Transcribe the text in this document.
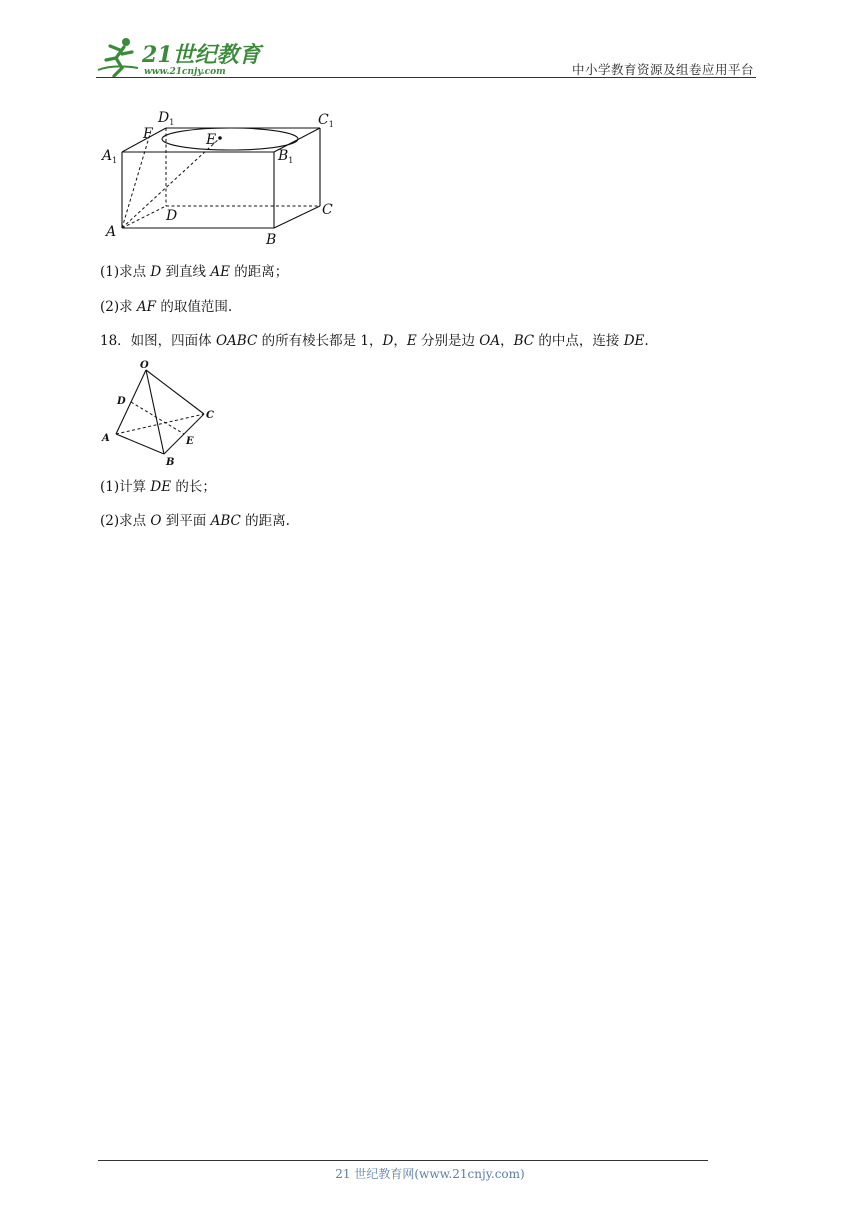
21世纪教育
www.21cnjy.com	中小学教育资源及组卷应用平台
$D_1$	$C_1$
F	E
$A_1$	$B_1$
D	C
A	B
(1)求点 D 到直线 AE 的距离；
(2)求 AF 的取值范围.
18．如图，四面体 OABC 的所有棱长都是 1，D，E 分别是边 OA，BC 的中点，连接 DE.
O
D
C
A	E
B
(1)计算 DE 的长；
(2)求点 O 到平面 ABC 的距离.
21 世纪教育网(www.21cnjy.com)
